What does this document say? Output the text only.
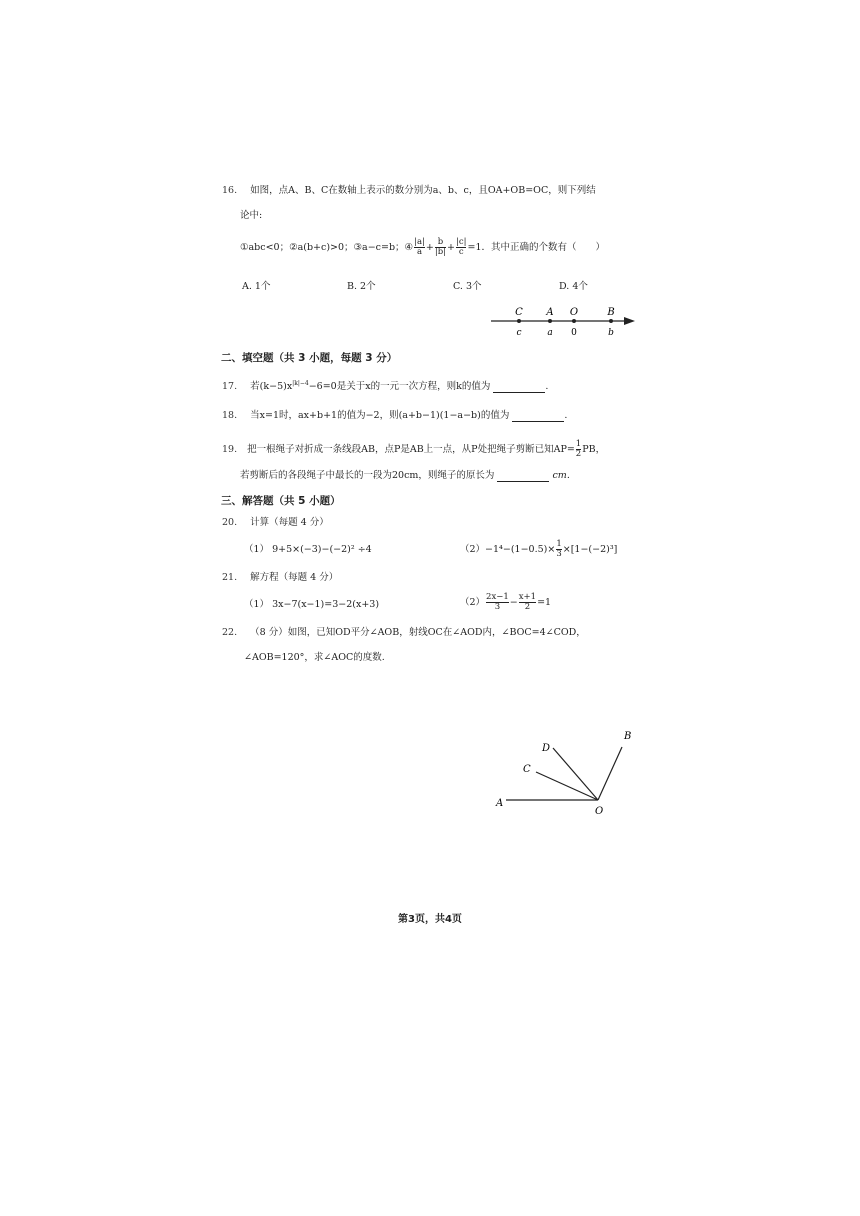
16. 如图，点A、B、C在数轴上表示的数分别为a、b、c，且OA+OB=OC，则下列结
论中:
①abc<0；②a(b+c)>0；③a−c=b；④ |a|
a + b
|b| + |c|
c =1．其中正确的个数有（　　）
A. 1个	B. 2个	C. 3个	D. 4个
C A O	B
c	a 0	b
二、填空题（共 3 小题，每题 3 分）
17. 若$(k-5)x^{|k|-4}-6=0$是关于x的一元一次方程，则k的值为	.
18. 当x=1时，ax+b+1的值为−2，则(a+b−1)(1−a−b)的值为	.
19. 把一根绳子对折成一条线段AB，点P是AB上一点，从P处把绳子剪断已知AP= 1
2 PB，
若剪断后的各段绳子中最长的一段为20cm，则绳子的原长为	cm.
三、解答题（共 5 小题）
20. 计算（每题 4 分）
（1） 9+5×(−3)−(−2)² ÷4	（2） −1⁴−(1−0.5)× 1
3 ×[1−(−2)³]
21. 解方程（每题 4 分）
（1） 3x−7(x−1)=3−2(x+3)	（2） 2x−1
3 − x+1
2 =1
22. （8 分）如图，已知OD平分∠AOB，射线OC在∠AOD内，∠BOC=4∠COD，
∠AOB=120°，求∠AOC的度数.
A
C
D
B
O
第3页，共4页
